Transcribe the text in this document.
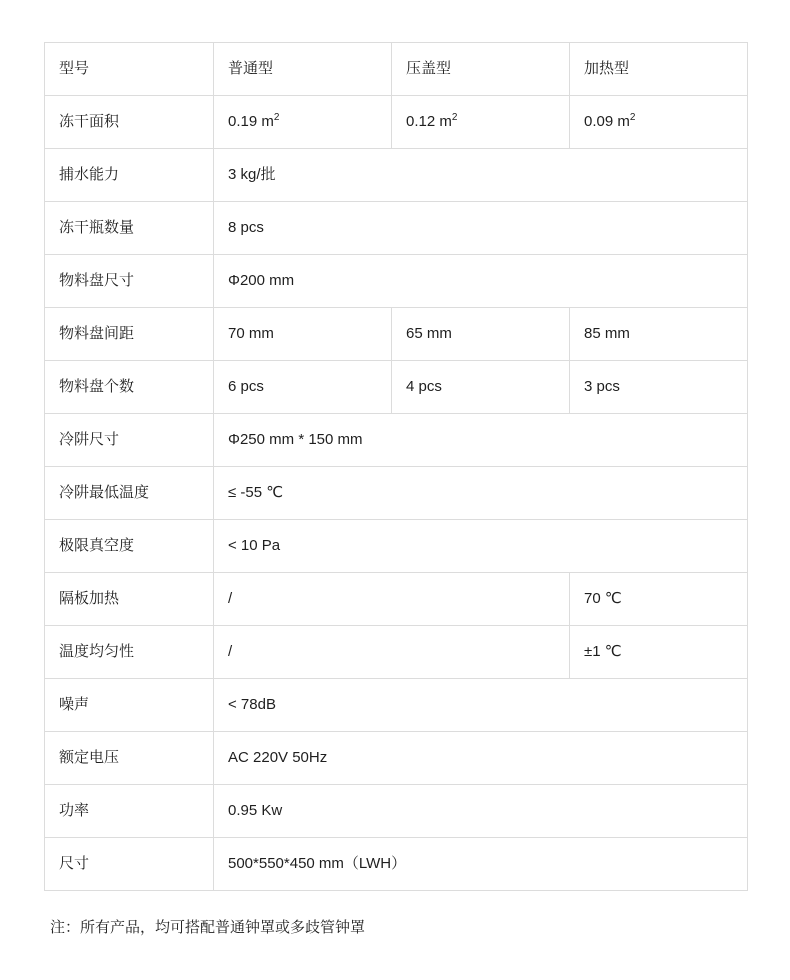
型号	普通型	压盖型	加热型
冻干面积	0.19 $m^2$	0.12 $m^2$	0.09 $m^2$
捕水能力	3 kg/批		
冻干瓶数量	8 pcs		
物料盘尺寸	Φ200 mm		
物料盘间距	70 mm	65 mm	85 mm
物料盘个数	6 pcs	4 pcs	3 pcs
冷阱尺寸	Φ250 mm * 150 mm		
冷阱最低温度	≤ -55 ℃		
极限真空度	< 10 Pa		
隔板加热	/		70 ℃
温度均匀性	/		±1 ℃
噪声	< 78dB		
额定电压	AC 220V 50Hz		
功率	0.95 Kw		
尺寸	500*550*450 mm（LWH）		
注：所有产品，均可搭配普通钟罩或多歧管钟罩
